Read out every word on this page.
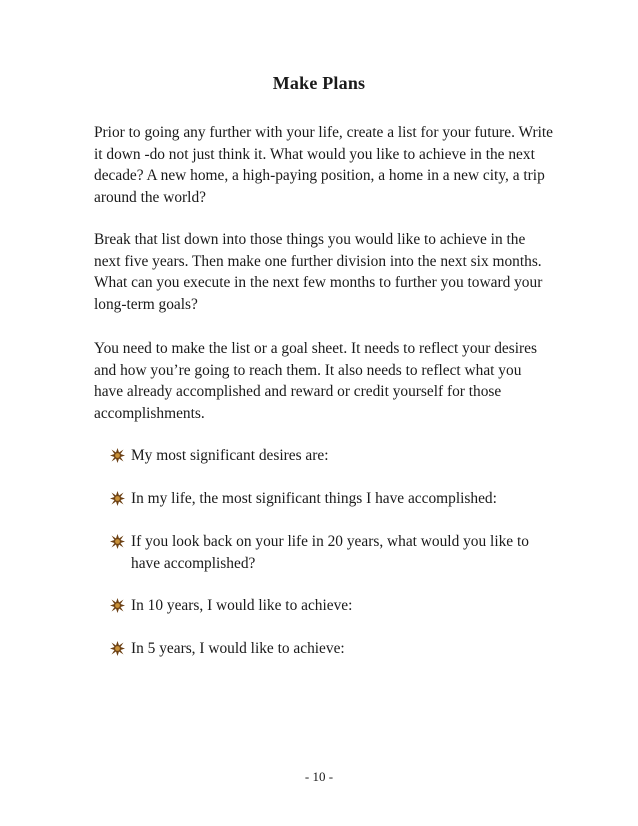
Make Plans
Prior to going any further with your life, create a list for your future. Write it down -do not just think it. What would you like to achieve in the next decade? A new home, a high-paying position, a home in a new city, a trip around the world?
Break that list down into those things you would like to achieve in the next five years. Then make one further division into the next six months. What can you execute in the next few months to further you toward your long-term goals?
You need to make the list or a goal sheet. It needs to reflect your desires and how you’re going to reach them. It also needs to reflect what you have already accomplished and reward or credit yourself for those accomplishments.
My most significant desires are:
In my life, the most significant things I have accomplished:
If you look back on your life in 20 years, what would you like to have accomplished?
In 10 years, I would like to achieve:
In 5 years, I would like to achieve:
- 10 -
